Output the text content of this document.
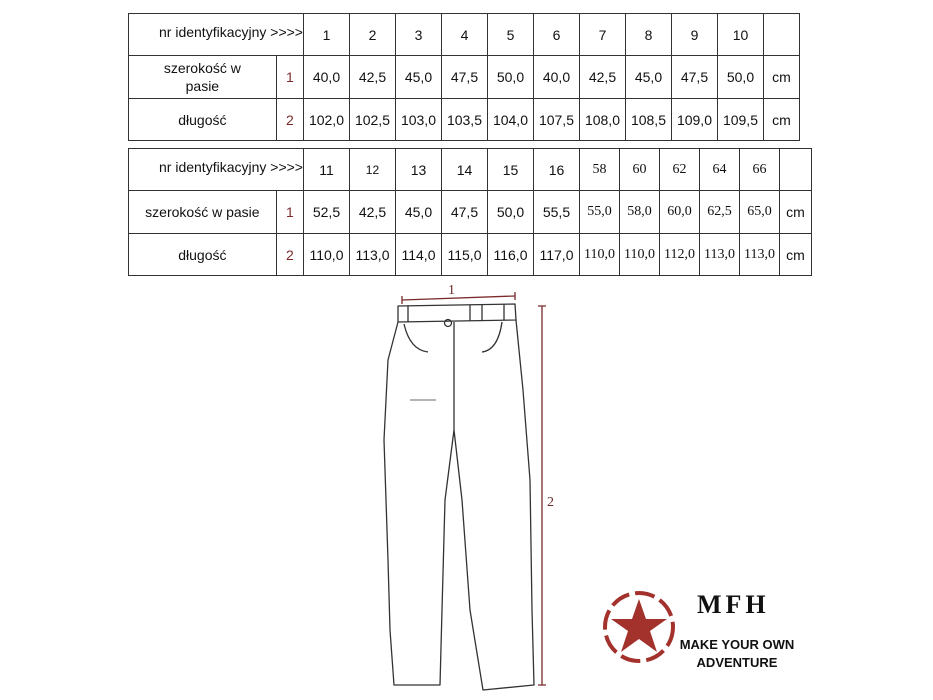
nr identyfikacyjny >>>>		1	2	3	4	5	6	7	8	9	10	
szerokość w pasie	1	40,0	42,5	45,0	47,5	50,0	40,0	42,5	45,0	47,5	50,0	cm
długość	2	102,0	102,5	103,0	103,5	104,0	107,5	108,0	108,5	109,0	109,5	cm
nr identyfikacyjny >>>>		11	12	13	14	15	16	58	60	62	64	66	
szerokość w pasie	1	52,5	42,5	45,0	47,5	50,0	55,5	55,0	58,0	60,0	62,5	65,0	cm
długość	2	110,0	113,0	114,0	115,0	116,0	117,0	110,0	110,0	112,0	113,0	113,0	cm
1
2
MFH
MAKE YOUR OWN
ADVENTURE
